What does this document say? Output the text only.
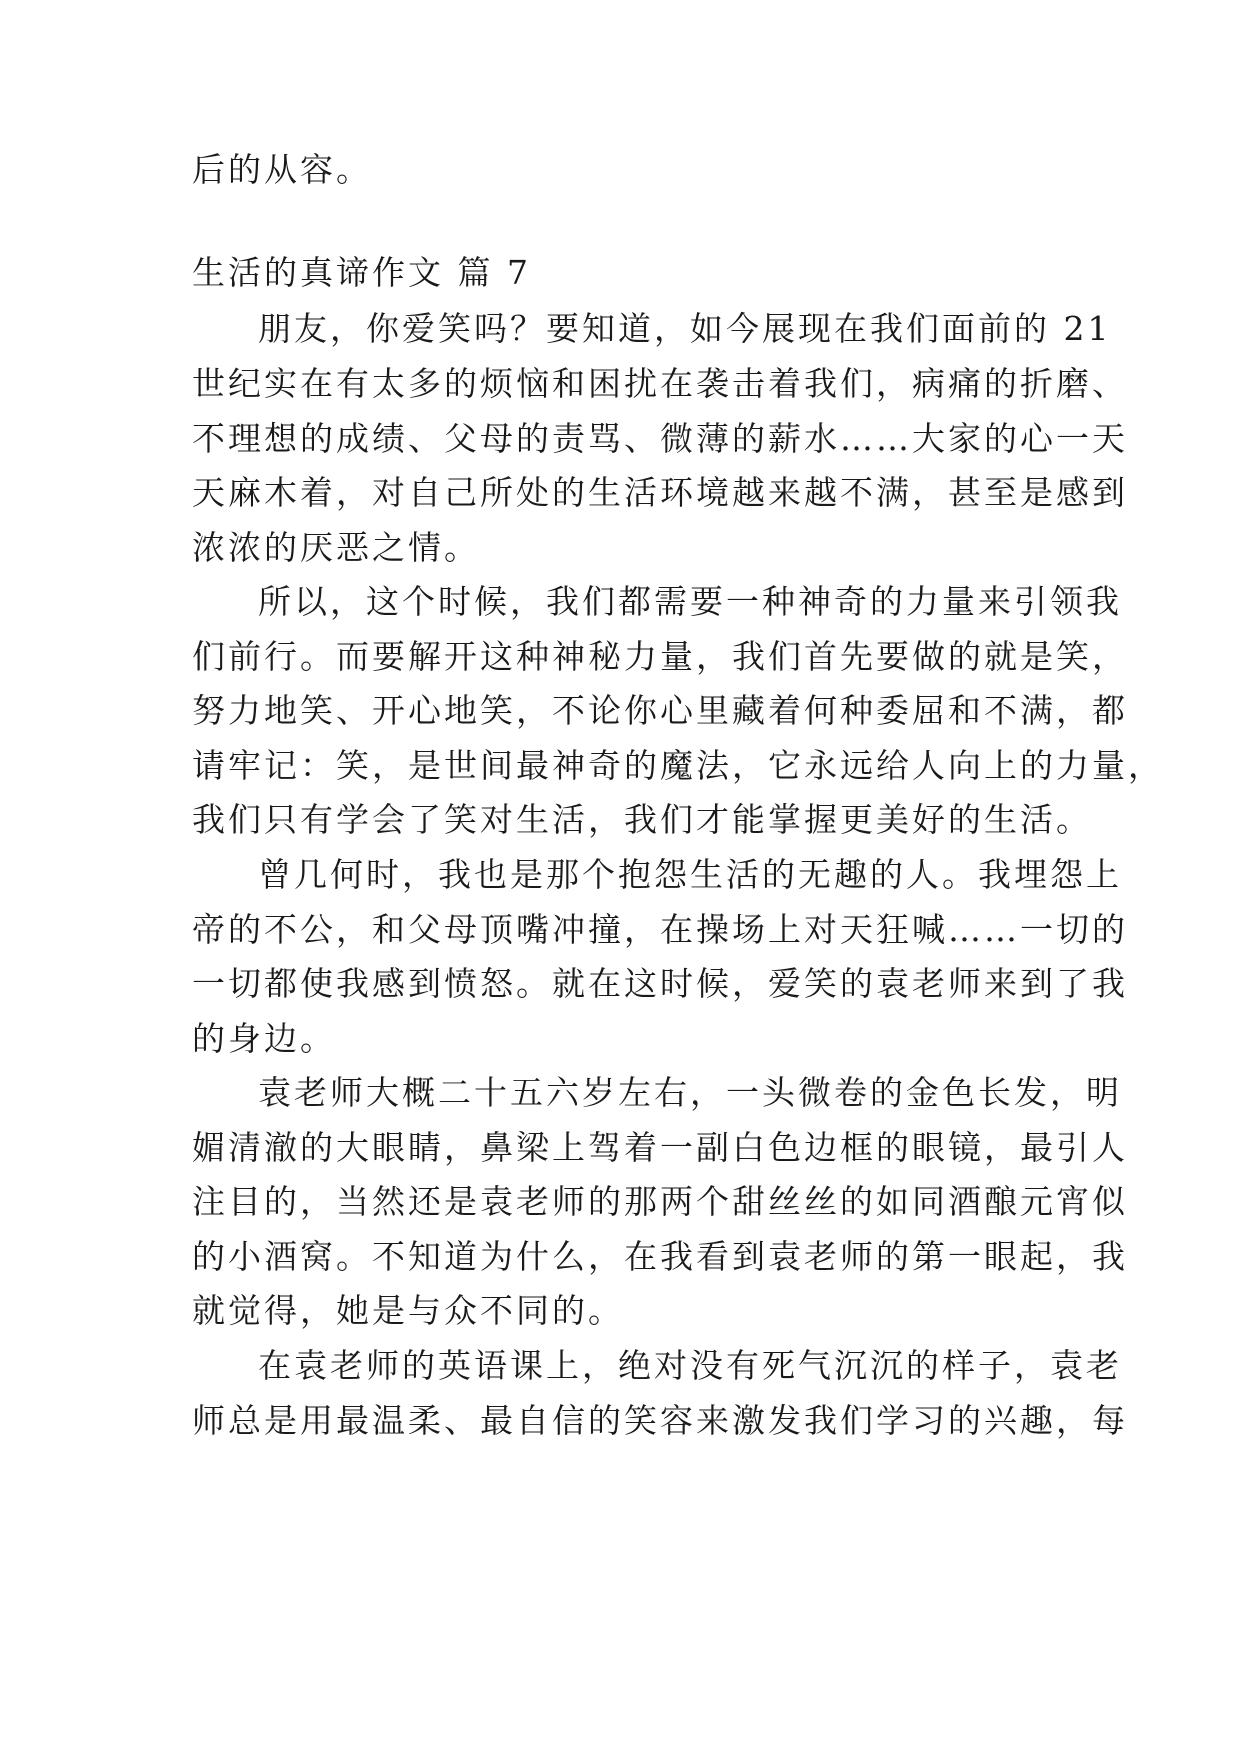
后的从容。
生活的真谛作文 篇 7
朋友，你爱笑吗？要知道，如今展现在我们面前的 21
世纪实在有太多的烦恼和困扰在袭击着我们，病痛的折磨、
不理想的成绩、父母的责骂、微薄的薪水……大家的心一天
天麻木着，对自己所处的生活环境越来越不满，甚至是感到
浓浓的厌恶之情。
所以，这个时候，我们都需要一种神奇的力量来引领我
们前行。而要解开这种神秘力量，我们首先要做的就是笑，
努力地笑、开心地笑，不论你心里藏着何种委屈和不满，都
请牢记：笑，是世间最神奇的魔法，它永远给人向上的力量，
我们只有学会了笑对生活，我们才能掌握更美好的生活。
曾几何时，我也是那个抱怨生活的无趣的人。我埋怨上
帝的不公，和父母顶嘴冲撞，在操场上对天狂喊……一切的
一切都使我感到愤怒。就在这时候，爱笑的袁老师来到了我
的身边。
袁老师大概二十五六岁左右，一头微卷的金色长发，明
媚清澈的大眼睛，鼻梁上驾着一副白色边框的眼镜，最引人
注目的，当然还是袁老师的那两个甜丝丝的如同酒酿元宵似
的小酒窝。不知道为什么，在我看到袁老师的第一眼起，我
就觉得，她是与众不同的。
在袁老师的英语课上，绝对没有死气沉沉的样子，袁老
师总是用最温柔、最自信的笑容来激发我们学习的兴趣，每
